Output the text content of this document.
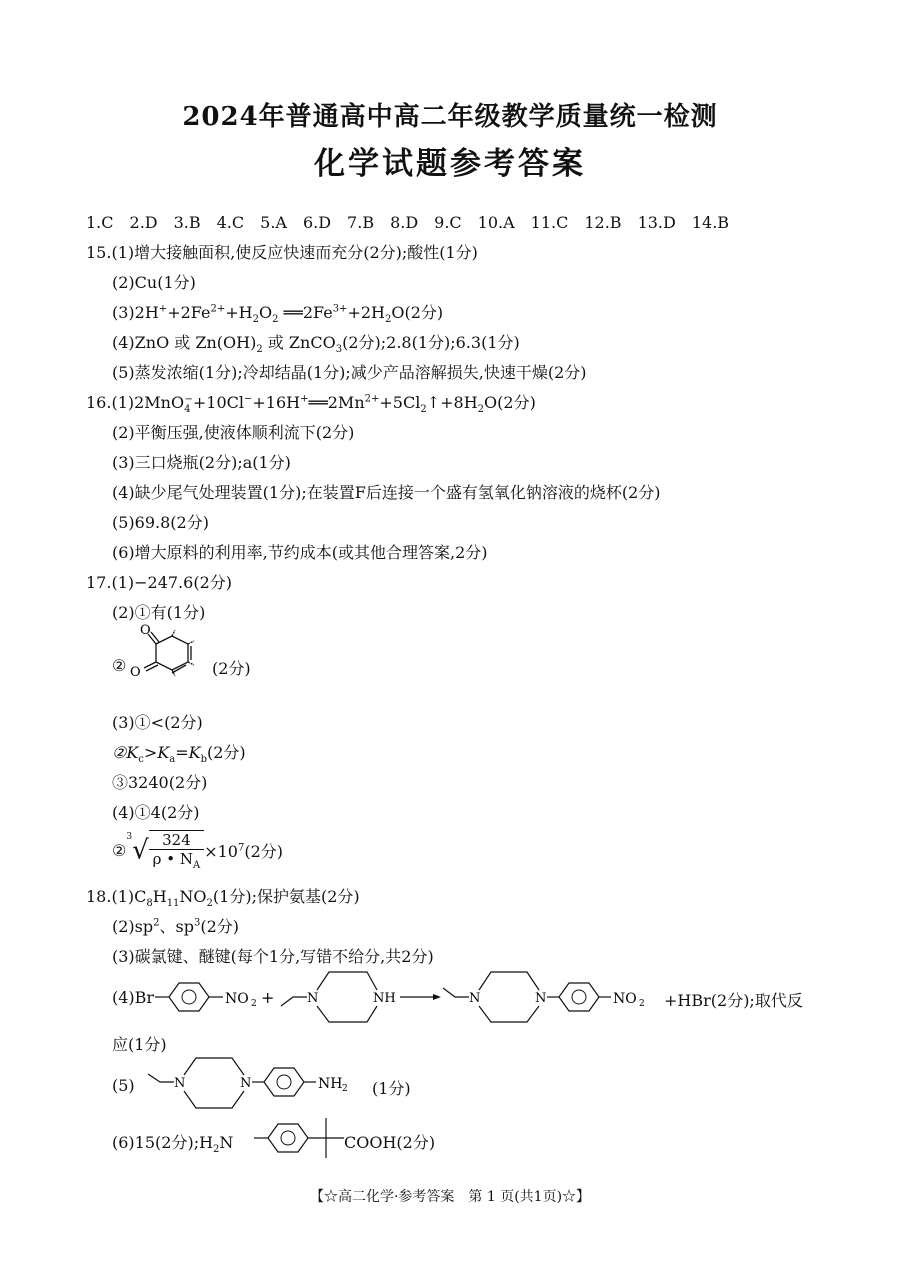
2024年普通高中高二年级教学质量统一检测
化学试题参考答案
1.C　2.D　3.B　4.C　5.A　6.D　7.B　8.D　9.C　10.A　11.C　12.B　13.D　14.B
15.(1)增大接触面积,使反应快速而充分(2分);酸性(1分)
(2)Cu(1分)
$(3)2H^++2Fe^{2+}+H_2O_2$ $══2Fe^{3+}+2H_2O(2$分)
(4)ZnO 或 $Zn(OH)_2$ 或 ZnCO$_3$(2分);2.8(1分);6.3(1分)
(5)蒸发浓缩(1分);冷却结晶(1分);减少产品溶解损失,快速干燥(2分)
$16.(1)2MnO_4^-+10Cl^-+16H^+══2Mn^{2+}+5Cl_2↑+8H_2O(2$分)
(2)平衡压强,使液体顺利流下(2分)
(3)三口烧瓶(2分);a(1分)
(4)缺少尾气处理装置(1分);在装置F后连接一个盛有氢氧化钠溶液的烧杯(2分)
(5)69.8(2分)
(6)增大原料的利用率,节约成本(或其他合理答案,2分)
17.(1)−247.6(2分)
(2)①有(1分)
②
O
O	(2分)
(3)①<(2分)
$②K_c>K_a=K_b(2$分)
③3240(2分)
(4)①4(2分)
②$^3$√ $\frac{324}{\rho • N_A} \times 10^7(2$分)
$18.(1)C_8H_{11}NO_2(1$分);保护氨基(2分)
$(2)sp^2$、$sp^3(2$分)
(3)碳氯键、醚键(每个1分,写错不给分,共2分)
(4)Br	NO 2 +	N	NH	N	N	NO 2 +HBr(2分);取代反
应(1分)
(5)	N	N	NH 2 (1分)
(6)15(2分)$;H_2N$	COOH(2分)
【☆高二化学·参考答案　第 1 页(共1页)☆】
